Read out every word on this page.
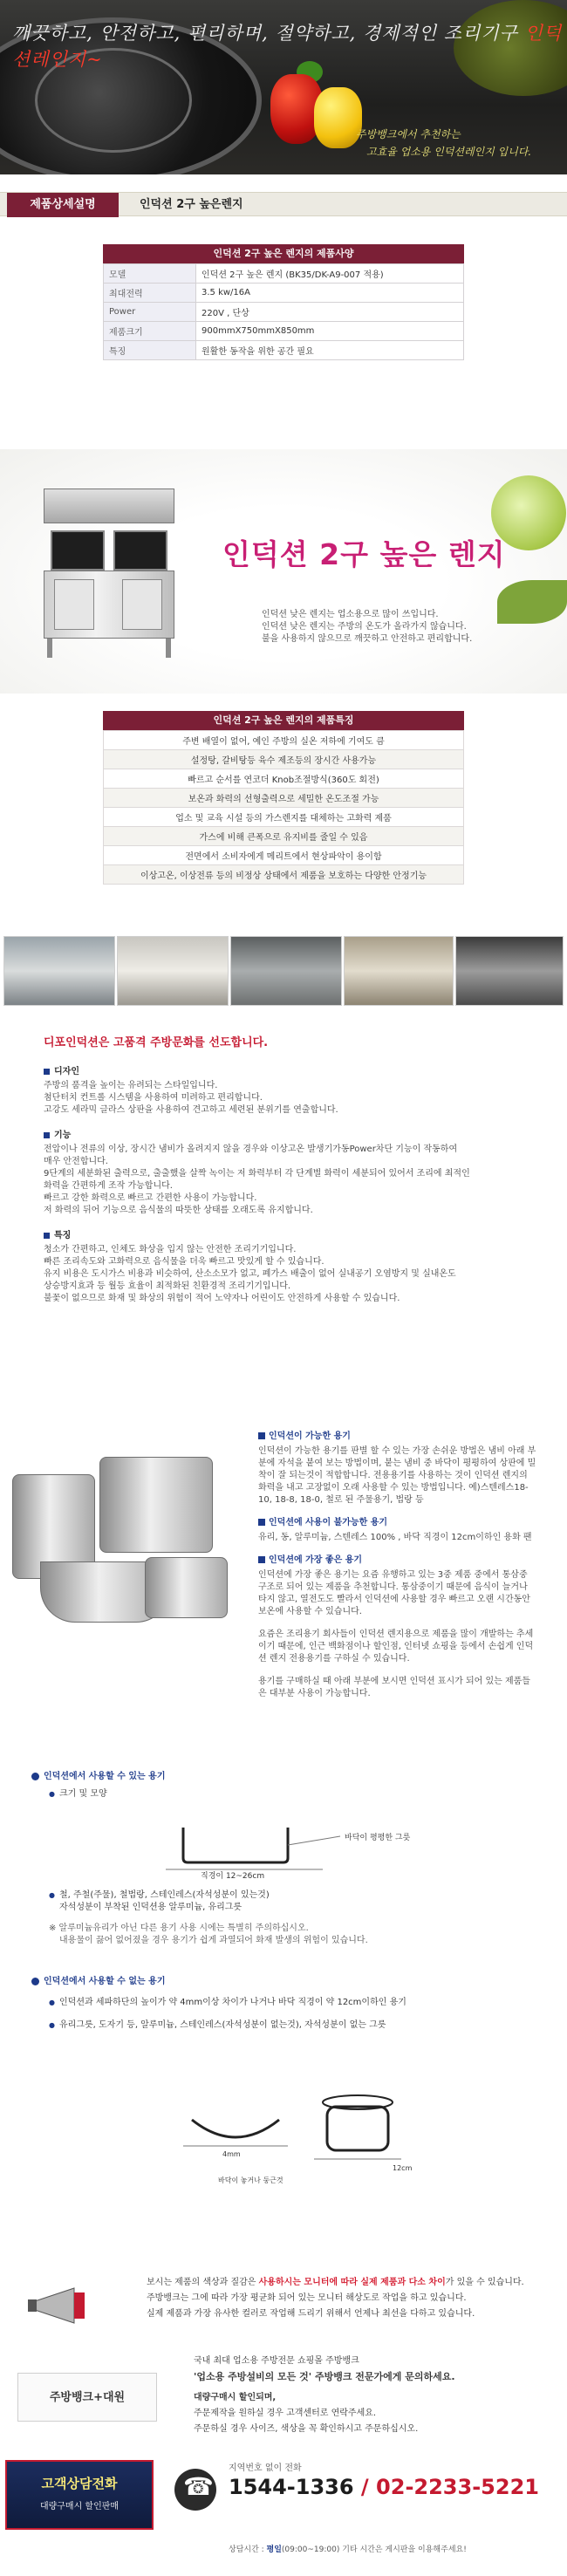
깨끗하고, 안전하고, 편리하며, 절약하고, 경제적인 조리기구 인덕션레인지~
주방뱅크에서 추천하는
고효율 업소용 인덕션레인지 입니다.
제품상세설명	인덕션 2구 높은렌지
인덕션 2구 높은 렌지의 제품사양
모델	인덕션 2구 높은 렌지 (BK35/DK-A9-007 적용)
최대전력	3.5 kw/16A
Power	220V , 단상
제품크기	900mmX750mmX850mm
특징	원활한 동작을 위한 공간 필요
인덕션 2구 높은 렌지
인덕션 낮은 렌지는 업소용으로 많이 쓰입니다.
인덕션 낮은 렌지는 주방의 온도가 올라가지 않습니다.
불을 사용하지 않으므로 깨끗하고 안전하고 편리합니다.
인덕션 2구 높은 렌지의 제품특징
주변 배열이 없어, 예인 주방의 실온 저하에 기여도 큼
설정탕, 갈비탕등 육수 제조등의 장시간 사용가능
빠르고 순서를 연코더 Knob조절방식(360도 회전)
보온과 화력의 선형출력으로 세밀한 온도조절 가능
업소 및 교육 시설 등의 가스렌지를 대체하는 고화력 제품
가스에 비해 큰폭으로 유지비를 줄일 수 있음
전면에서 소비자에게 메리트에서 현상파악이 용이함
이상고온, 이상전류 등의 비정상 상태에서 제품을 보호하는 다양한 안정기능
디포인덕션은 고품격 주방문화를 선도합니다.
디자인
주방의 품격을 높이는 유려되는 스타일입니다.
첨단터치 컨트롤 시스템을 사용하여 미려하고 편리합니다.
고강도 세라믹 글라스 상판을 사용하여 견고하고 세련된 분위기를 연출합니다.
기능
전압이나 전류의 이상, 장시간 냄비가 올려지지 않을 경우와 이상고온 발생기가동Power차단 기능이 작동하여
매우 안전합니다.
9단계의 세분화된 출력으로, 출출했을 살짝 녹이는 저 화력부터 각 단계별 화력이 세분되어 있어서 조리에 최적인
화력을 간편하게 조작 가능합니다.
빠르고 강한 화력으로 빠르고 간편한 사용이 가능합니다.
저 화력의 뒤어 기능으로 음식물의 따뜻한 상태를 오래도록 유지합니다.
특징
청소가 간편하고, 인체도 화상을 입지 않는 안전한 조리기기입니다.
빠른 조리속도와 고화력으로 음식물을 더욱 빠르고 맛있게 할 수 있습니다.
유지 비용은 도시가스 비용과 비슷하여, 산소소모가 없고, 폐가스 배출이 없어 실내공기 오염방지 및 실내온도
상승방지효과 등 월등 효율이 최적화된 친환경적 조리기기입니다.
불꽃이 없으므로 화재 및 화상의 위험이 적어 노약자나 어린이도 안전하게 사용할 수 있습니다.
인덕션이 가능한 용기

인덕션이 가능한 용기를 판별 할 수 있는 가장 손쉬운 방법은 냄비 아래 부분에 자석을 붙여 보는 방법이며, 붙는 냄비 중 바닥이 평평하여 상판에 밀착이 잘 되는것이 적합합니다. 전용용기를 사용하는 것이 인덕션 렌지의 화력을 내고 고장없이 오래 사용할 수 있는 방법입니다. 예)스텐레스18-10, 18-8, 18-0, 철로 된 주물용기, 법랑 등

인덕션에 사용이 불가능한 용기

유리, 동, 알루미늄, 스텐레스 100% , 바닥 직경이 12cm이하인 용화 팬

인덕션에 가장 좋은 용기

인덕션에 가장 좋은 용기는 요즘 유행하고 있는 3중 제품 중에서 통삼중 구조로 되어 있는 제품을 추천합니다. 통삼중이기 때문에 음식이 늘거나 타지 않고, 열전도도 빨라서 인덕션에 사용할 경우 빠르고 오랜 시간동안 보온에 사용할 수 있습니다.

요즘은 조리용기 회사들이 인덕션 렌지용으로 제품을 많이 개발하는 추세이기 때문에, 인근 백화점이나 할인점, 인터넷 쇼핑을 등에서 손쉽게 인덕션 렌지 전용용기를 구하실 수 있습니다.

용기를 구매하실 때 아래 부분에 보시면 인덕션 표시가 되어 있는 제품들은 대부분 사용이 가능합니다.

인덕션에서 사용할 수 있는 용기
● 크기 및 모양
바닥이 평평한 그릇
직경이 12~26cm
● 철, 주철(주물), 철법랑, 스테인레스(자석성분이 있는것)
자석성분이 부착된 인덕션용 알루미늄, 유리그릇
※ 알루미늄유리가 아닌 다른 용기 사용 시에는 특별히 주의하십시오.
내용물이 끓어 없어졌을 경우 용기가 쉽게 과열되어 화재 발생의 위험이 있습니다.
인덕션에서 사용할 수 없는 용기
● 인덕션과 세파하단의 높이가 약 4mm이상 차이가 나거나 바닥 직경이 약 12cm이하인 용기
● 유리그릇, 도자기 등, 알루미늄, 스테인레스(자석성분이 없는것), 자석성분이 없는 그릇
4mm
12cm
바닥이 놓거나 둥근것
보시는 제품의 색상과 질감은 사용하시는 모니터에 따라 실제 제품과 다소 차이가 있을 수 있습니다.
주방뱅크는 그에 따라 가장 평균화 되어 있는 모니터 해상도로 작업을 하고 있습니다.
실제 제품과 가장 유사한 컬러로 작업해 드리기 위해서 언제나 최선을 다하고 있습니다.
주방뱅크+대원
국내 최대 업소용 주방전문 쇼핑몰 주방뱅크
'업소용 주방설비의 모든 것' 주방뱅크 전문가에게 문의하세요.
대량구매시 할인되며,
주문제작을 원하실 경우 고객센터로 연락주세요.
주문하실 경우 사이즈, 색상을 꼭 확인하시고 주문하십시오.
고객상담전화
대량구매시 할인판매
☎
지역번호 없이 전화
1544-1336 / 02-2233-5221
상담시간 : 평일(09:00~19:00) 기타 시간은 게시판을 이용해주세요!
